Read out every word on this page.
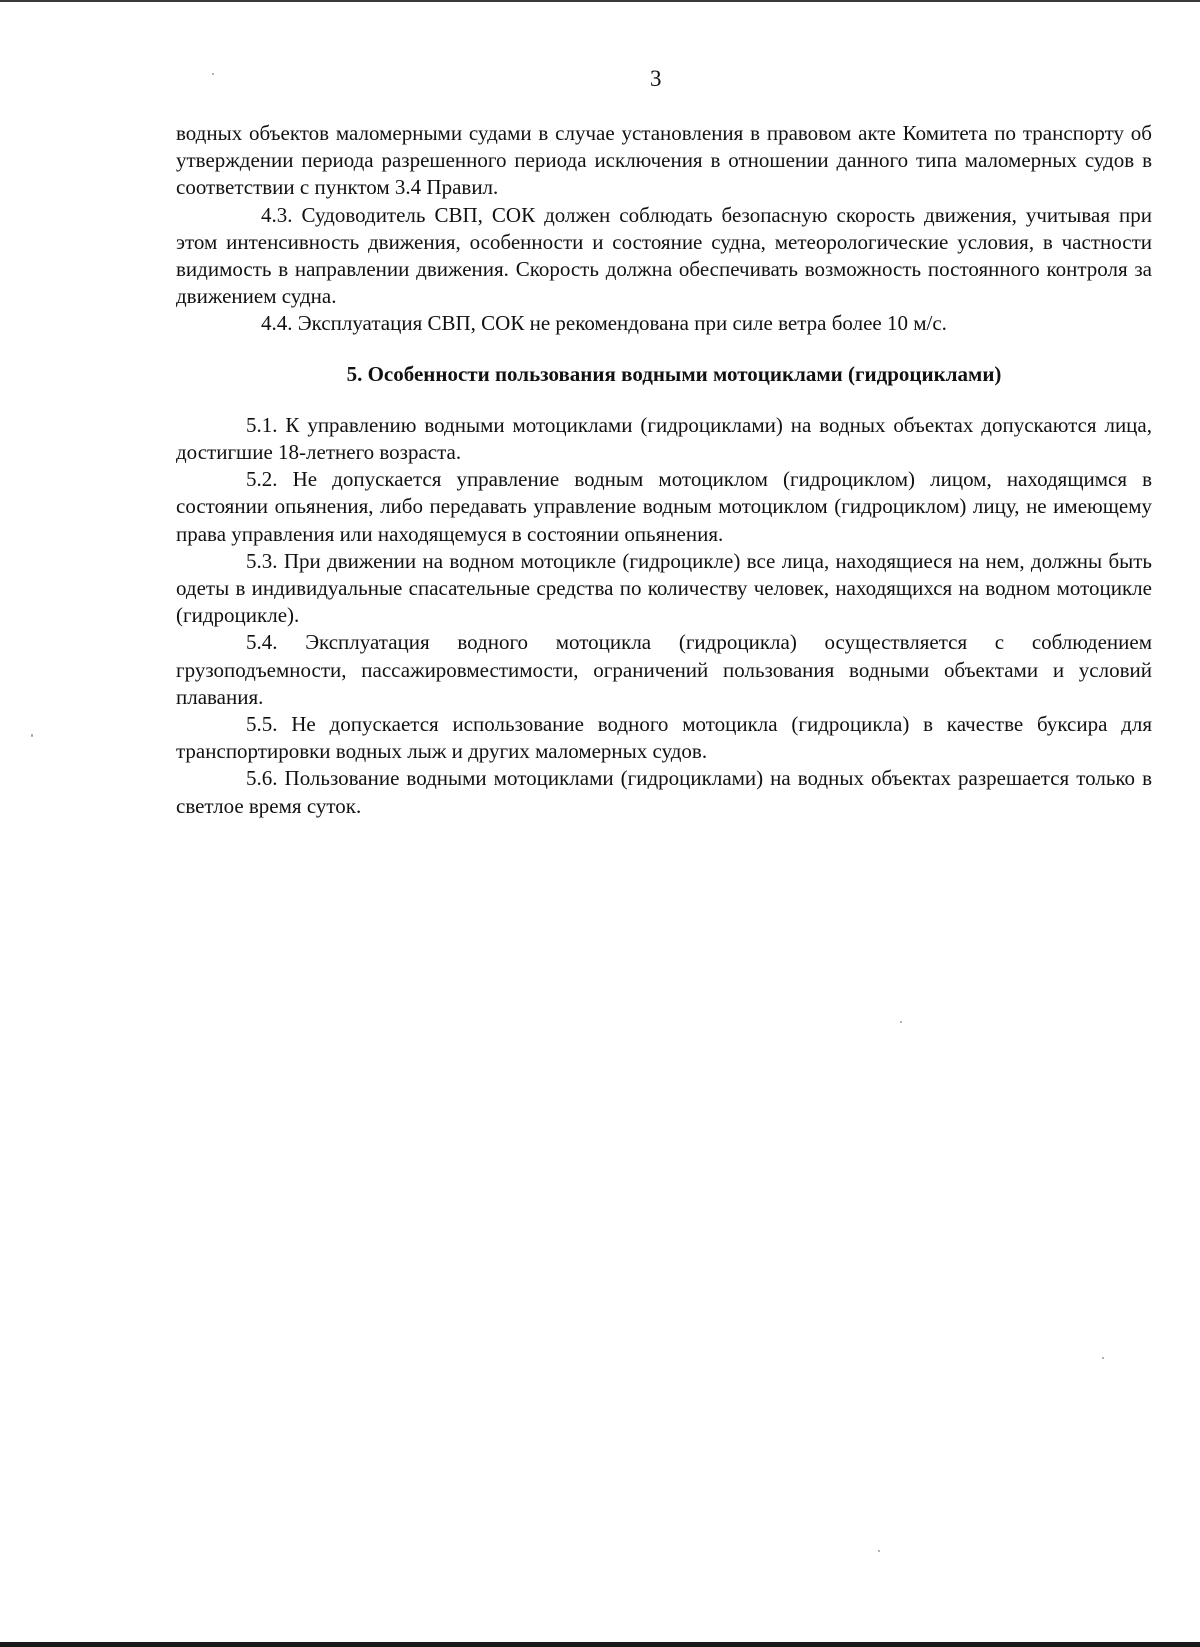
3

водных объектов маломерными судами в случае установления в правовом акте Комитета по транспорту об утверждении периода разрешенного периода исключения в отношении данного типа маломерных судов в соответствии с пунктом 3.4 Правил.

4.3. Судоводитель СВП, СОК должен соблюдать безопасную скорость движения, учитывая при этом интенсивность движения, особенности и состояние судна, метеорологические условия, в частности видимость в направлении движения. Скорость должна обеспечивать возможность постоянного контроля за движением судна.

4.4. Эксплуатация СВП, СОК не рекомендована при силе ветра более 10 м/с.

5. Особенности пользования водными мотоциклами (гидроциклами)

5.1. К управлению водными мотоциклами (гидроциклами) на водных объектах допускаются лица, достигшие 18-летнего возраста.

5.2. Не допускается управление водным мотоциклом (гидроциклом) лицом, находящимся в состоянии опьянения, либо передавать управление водным мотоциклом (гидроциклом) лицу, не имеющему права управления или находящемуся в состоянии опьянения.

5.3. При движении на водном мотоцикле (гидроцикле) все лица, находящиеся на нем, должны быть одеты в индивидуальные спасательные средства по количеству человек, находящихся на водном мотоцикле (гидроцикле).

5.4. Эксплуатация водного мотоцикла (гидроцикла) осуществляется с соблюдением грузоподъемности, пассажировместимости, ограничений пользования водными объектами и условий плавания.

5.5. Не допускается использование водного мотоцикла (гидроцикла) в качестве буксира для транспортировки водных лыж и других маломерных судов.

5.6. Пользование водными мотоциклами (гидроциклами) на водных объектах разрешается только в светлое время суток.
